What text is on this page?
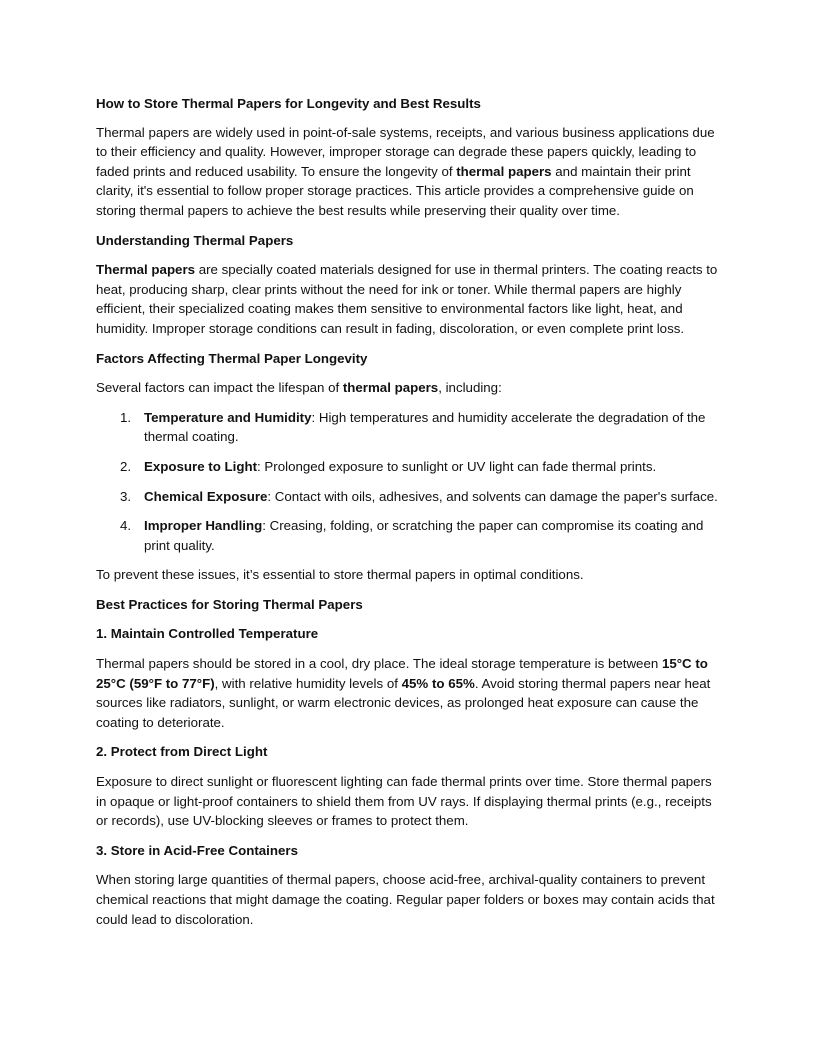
How to Store Thermal Papers for Longevity and Best Results

Thermal papers are widely used in point-of-sale systems, receipts, and various business applications due to their efficiency and quality. However, improper storage can degrade these papers quickly, leading to faded prints and reduced usability. To ensure the longevity of thermal papers and maintain their print clarity, it's essential to follow proper storage practices. This article provides a comprehensive guide on storing thermal papers to achieve the best results while preserving their quality over time.

Understanding Thermal Papers

Thermal papers are specially coated materials designed for use in thermal printers. The coating reacts to heat, producing sharp, clear prints without the need for ink or toner. While thermal papers are highly efficient, their specialized coating makes them sensitive to environmental factors like light, heat, and humidity. Improper storage conditions can result in fading, discoloration, or even complete print loss.

Factors Affecting Thermal Paper Longevity

Several factors can impact the lifespan of thermal papers, including:

1. Temperature and Humidity: High temperatures and humidity accelerate the degradation of the thermal coating.
2. Exposure to Light: Prolonged exposure to sunlight or UV light can fade thermal prints.
3. Chemical Exposure: Contact with oils, adhesives, and solvents can damage the paper's surface.
4. Improper Handling: Creasing, folding, or scratching the paper can compromise its coating and print quality.

To prevent these issues, it’s essential to store thermal papers in optimal conditions.

Best Practices for Storing Thermal Papers
1. Maintain Controlled Temperature

Thermal papers should be stored in a cool, dry place. The ideal storage temperature is between 15°C to 25°C (59°F to 77°F), with relative humidity levels of 45% to 65%. Avoid storing thermal papers near heat sources like radiators, sunlight, or warm electronic devices, as prolonged heat exposure can cause the coating to deteriorate.

2. Protect from Direct Light

Exposure to direct sunlight or fluorescent lighting can fade thermal prints over time. Store thermal papers in opaque or light-proof containers to shield them from UV rays. If displaying thermal prints (e.g., receipts or records), use UV-blocking sleeves or frames to protect them.

3. Store in Acid-Free Containers

When storing large quantities of thermal papers, choose acid-free, archival-quality containers to prevent chemical reactions that might damage the coating. Regular paper folders or boxes may contain acids that could lead to discoloration.
